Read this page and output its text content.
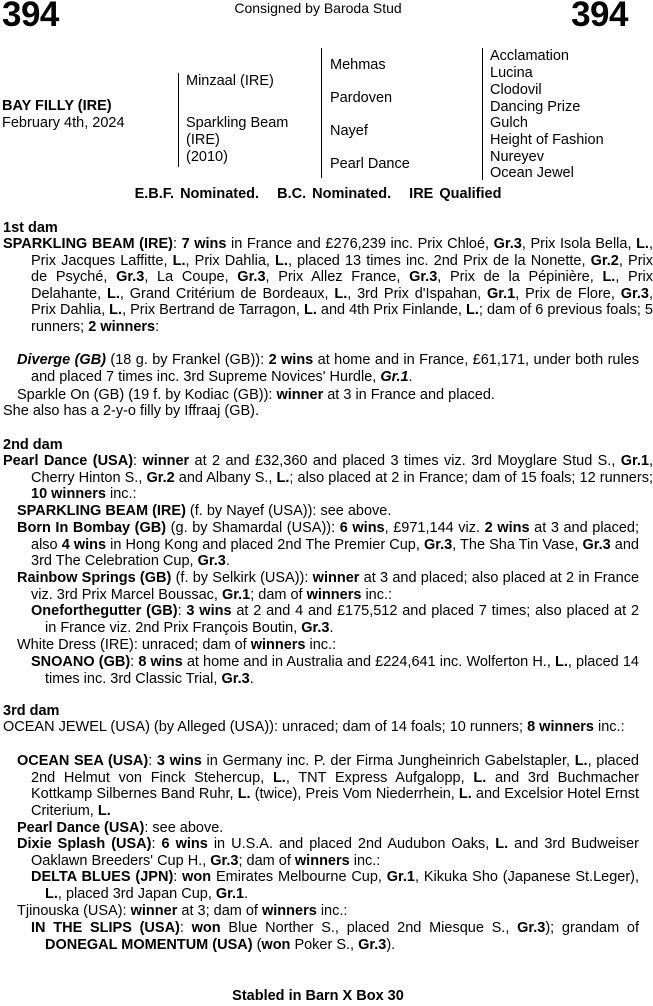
394	Consigned by Baroda Stud	394
BAY FILLY (IRE)
February 4th, 2024
Minzaal (IRE)
Sparkling Beam
(IRE)
(2010)
Mehmas
Pardoven
Nayef
Pearl Dance
Acclamation
Lucina
Clodovil
Dancing Prize
Gulch
Height of Fashion
Nureyev
Ocean Jewel
E.B.F. Nominated.   B.C. Nominated.   IRE Qualified
1st dam
SPARKLING BEAM (IRE): 7 wins in France and £276,239 inc. Prix Chloé, Gr.3, Prix Isola Bella, L., Prix Jacques Laffitte, L., Prix Dahlia, L., placed 13 times inc. 2nd Prix de la Nonette, Gr.2, Prix de Psyché, Gr.3, La Coupe, Gr.3, Prix Allez France, Gr.3, Prix de la Pépinière, L., Prix Delahante, L., Grand Critérium de Bordeaux, L., 3rd Prix d'Ispahan, Gr.1, Prix de Flore, Gr.3, Prix Dahlia, L., Prix Bertrand de Tarragon, L. and 4th Prix Finlande, L.; dam of 6 previous foals; 5 runners; 2 winners:
Diverge (GB) (18 g. by Frankel (GB)): 2 wins at home and in France, £61,171, under both rules and placed 7 times inc. 3rd Supreme Novices' Hurdle, Gr.1.
Sparkle On (GB) (19 f. by Kodiac (GB)): winner at 3 in France and placed.
She also has a 2-y-o filly by Iffraaj (GB).
2nd dam
Pearl Dance (USA): winner at 2 and £32,360 and placed 3 times viz. 3rd Moyglare Stud S., Gr.1, Cherry Hinton S., Gr.2 and Albany S., L.; also placed at 2 in France; dam of 15 foals; 12 runners; 10 winners inc.:
SPARKLING BEAM (IRE) (f. by Nayef (USA)): see above.
Born In Bombay (GB) (g. by Shamardal (USA)): 6 wins, £971,144 viz. 2 wins at 3 and placed; also 4 wins in Hong Kong and placed 2nd The Premier Cup, Gr.3, The Sha Tin Vase, Gr.3 and 3rd The Celebration Cup, Gr.3.
Rainbow Springs (GB) (f. by Selkirk (USA)): winner at 3 and placed; also placed at 2 in France viz. 3rd Prix Marcel Boussac, Gr.1; dam of winners inc.:
Oneforthegutter (GB): 3 wins at 2 and 4 and £175,512 and placed 7 times; also placed at 2 in France viz. 2nd Prix François Boutin, Gr.3.
White Dress (IRE): unraced; dam of winners inc.:
SNOANO (GB): 8 wins at home and in Australia and £224,641 inc. Wolferton H., L., placed 14 times inc. 3rd Classic Trial, Gr.3.
3rd dam
OCEAN JEWEL (USA) (by Alleged (USA)): unraced; dam of 14 foals; 10 runners; 8 winners inc.:
OCEAN SEA (USA): 3 wins in Germany inc. P. der Firma Jungheinrich Gabelstapler, L., placed 2nd Helmut von Finck Stehercup, L., TNT Express Aufgalopp, L. and 3rd Buchmacher Kottkamp Silbernes Band Ruhr, L. (twice), Preis Vom Niederrhein, L. and Excelsior Hotel Ernst Criterium, L.
Pearl Dance (USA): see above.
Dixie Splash (USA): 6 wins in U.S.A. and placed 2nd Audubon Oaks, L. and 3rd Budweiser Oaklawn Breeders' Cup H., Gr.3; dam of winners inc.:
DELTA BLUES (JPN): won Emirates Melbourne Cup, Gr.1, Kikuka Sho (Japanese St.Leger), L., placed 3rd Japan Cup, Gr.1.
Tjinouska (USA): winner at 3; dam of winners inc.:
IN THE SLIPS (USA): won Blue Norther S., placed 2nd Miesque S., Gr.3); grandam of DONEGAL MOMENTUM (USA) (won Poker S., Gr.3).
Stabled in Barn X Box 30
